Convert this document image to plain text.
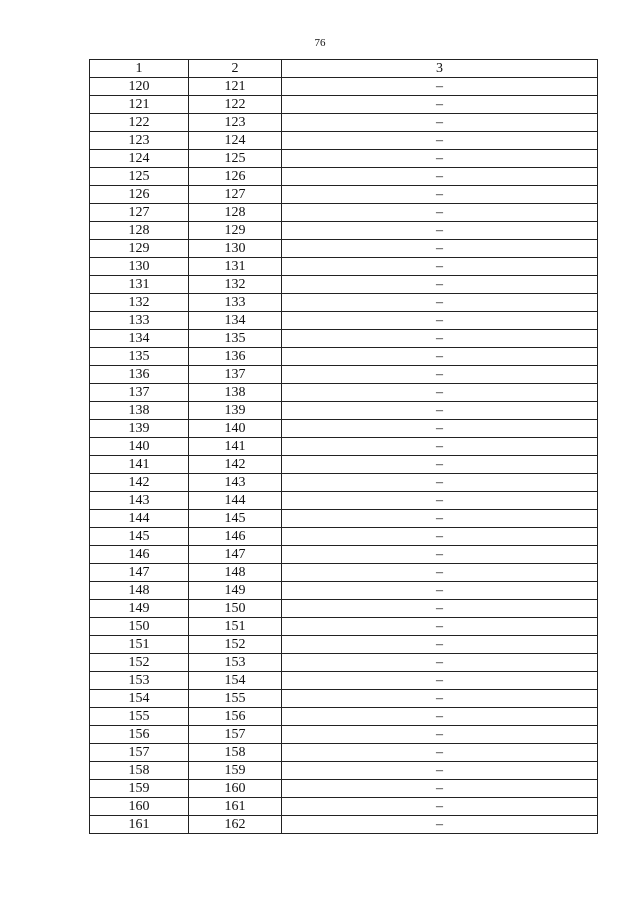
76
1	2	3
120	121	–
121	122	–
122	123	–
123	124	–
124	125	–
125	126	–
126	127	–
127	128	–
128	129	–
129	130	–
130	131	–
131	132	–
132	133	–
133	134	–
134	135	–
135	136	–
136	137	–
137	138	–
138	139	–
139	140	–
140	141	–
141	142	–
142	143	–
143	144	–
144	145	–
145	146	–
146	147	–
147	148	–
148	149	–
149	150	–
150	151	–
151	152	–
152	153	–
153	154	–
154	155	–
155	156	–
156	157	–
157	158	–
158	159	–
159	160	–
160	161	–
161	162	–
